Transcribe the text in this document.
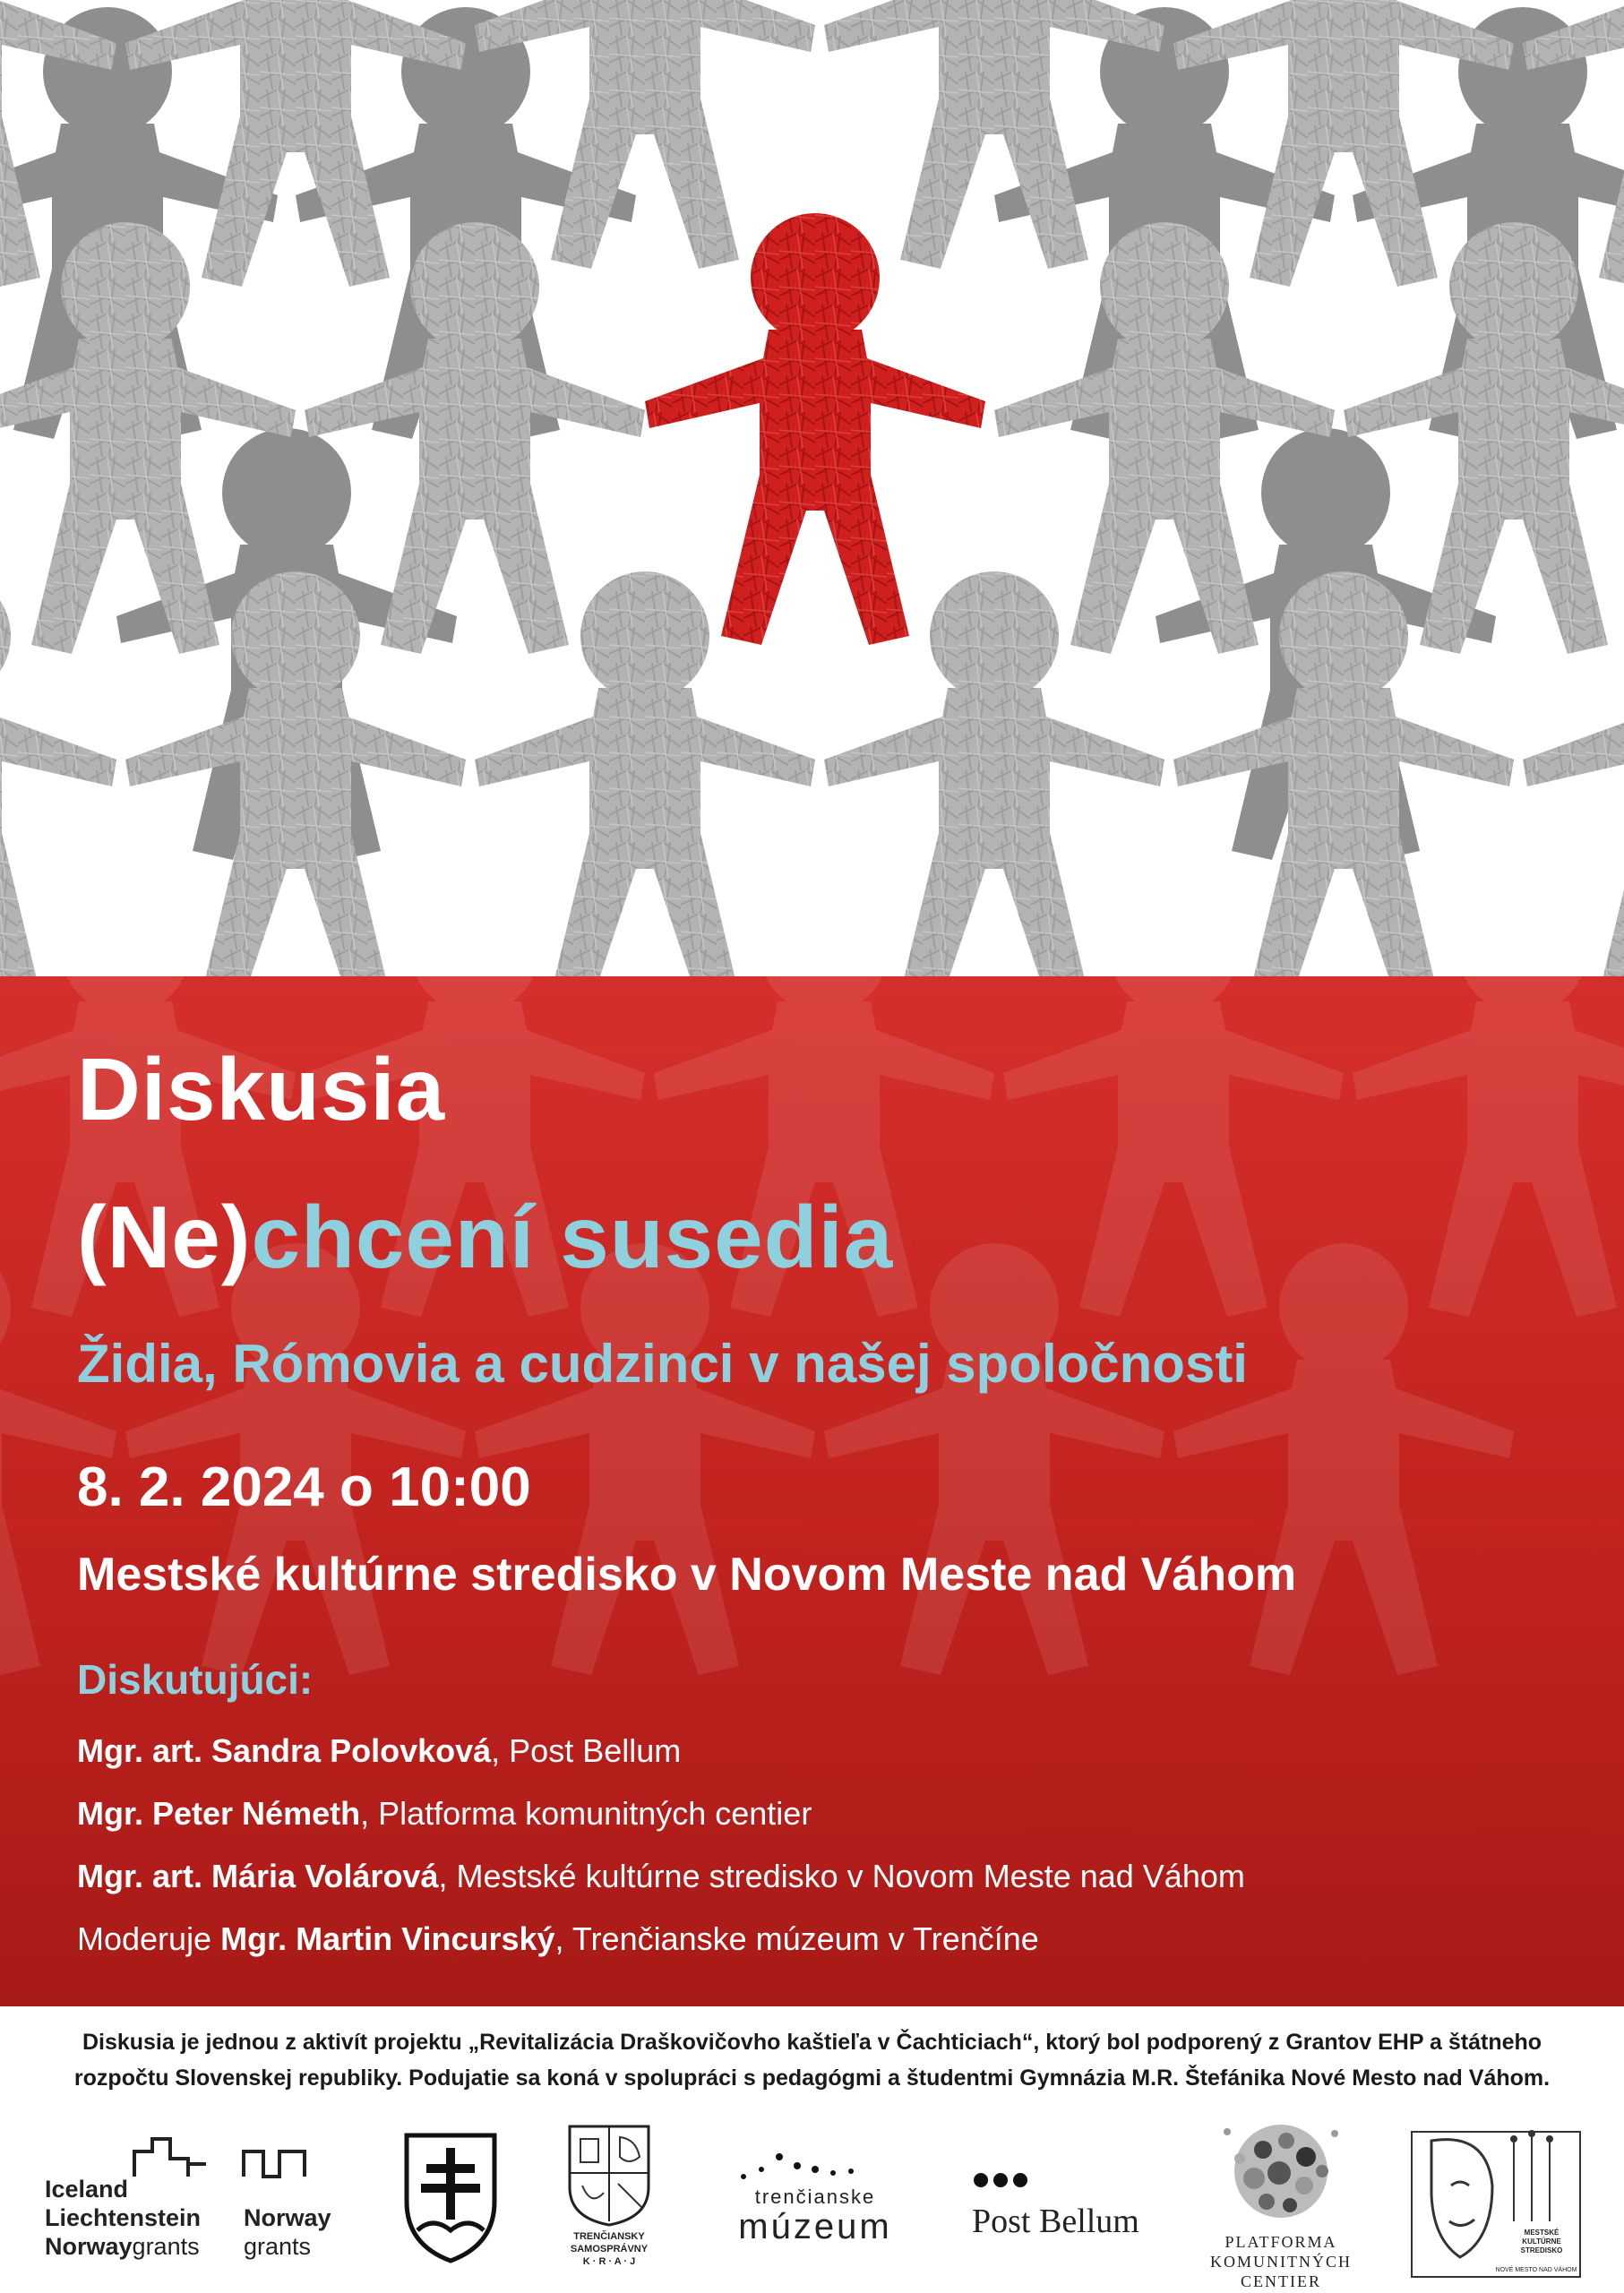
Diskusia
(Ne)chcení susedia
Židia, Rómovia a cudzinci v našej spoločnosti
8. 2. 2024 o 10:00
Mestské kultúrne stredisko v Novom Meste nad Váhom
Diskutujúci:
Mgr. art. Sandra Polovková, Post Bellum
Mgr. Peter Németh, Platforma komunitných centier
Mgr. art. Mária Volárová, Mestské kultúrne stredisko v Novom Meste nad Váhom
Moderuje Mgr. Martin Vincurský, Trenčianske múzeum v Trenčíne
Diskusia je jednou z aktivít projektu „Revitalizácia Draškovičovho kaštieľa v Čachticiach“, ktorý bol podporený z Grantov EHP a štátneho
rozpočtu Slovenskej republiky. Podujatie sa koná v spolupráci s pedagógmi a študentmi Gymnázia M.R. Štefánika Nové Mesto nad Váhom.
Iceland
Liechtenstein
Norwaygrants
Norway
grants	TRENČIANSKY
SAMOSPRÁVNY
K · R · A · J
trenčianske
múzeum	Post Bellum
PLATFORMA
KOMUNITNÝCH
CENTIER
MESTSKÉ
KULTÚRNE
STREDISKO
NOVÉ MESTO NAD VÁHOM
